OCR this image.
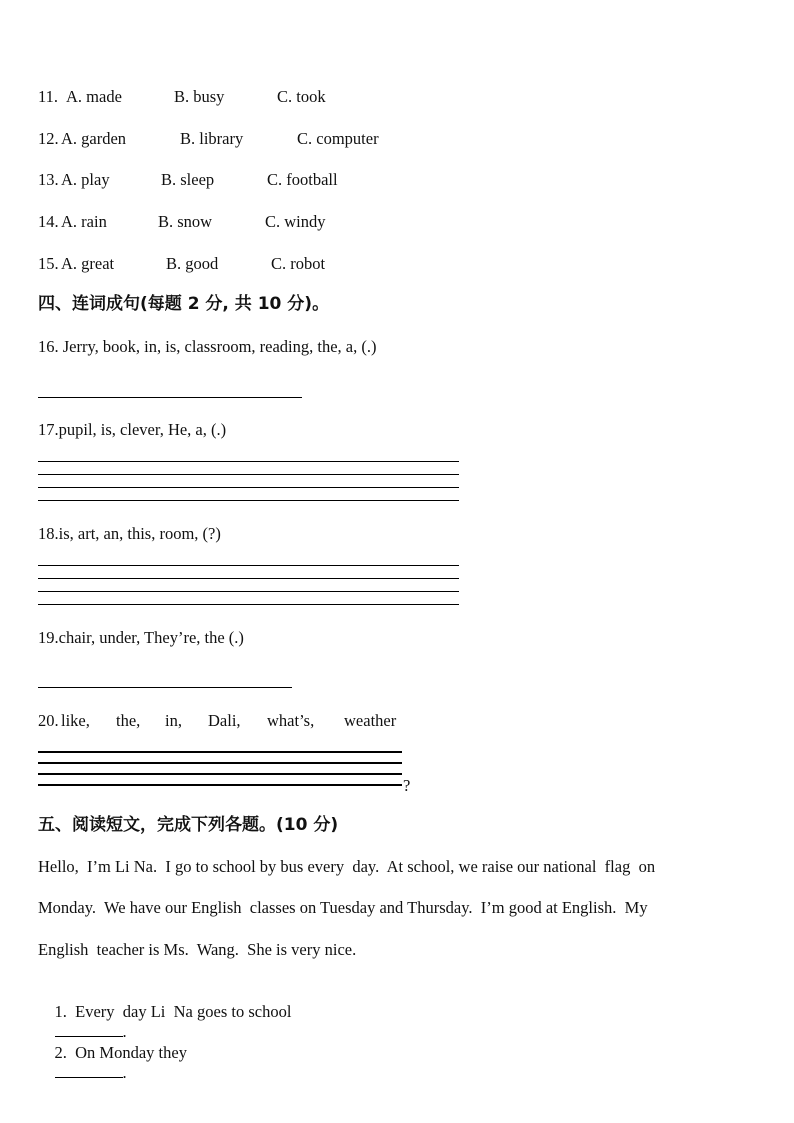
11. A. made	B. busy	C. took
12. A. garden	B. library	C. computer
13. A. play	B. sleep	C. football
14. A. rain	B. snow	C. windy
15. A. great	B. good	C. robot
四、连词成句(每题 2 分, 共 10 分)。
16. Jerry, book, in, is, classroom, reading, the, a, (.)
17.pupil, is, clever, He, a, (.)
18.is, art, an, this, room, (?)
19.chair, under, They’re, the (.)
20. like, the, in, Dali, what’s, weather
?
五、阅读短文，完成下列各题。(10 分)
Hello,  I’m Li Na.  I go to school by bus every  day.  At school, we raise our national  flag  on
Monday.  We have our English  classes on Tuesday and Thursday.  I’m good at English.  My
English  teacher is Ms.  Wang.  She is very nice.

1.  Every  day Li  Na goes to school
.

2.  On Monday they
.
